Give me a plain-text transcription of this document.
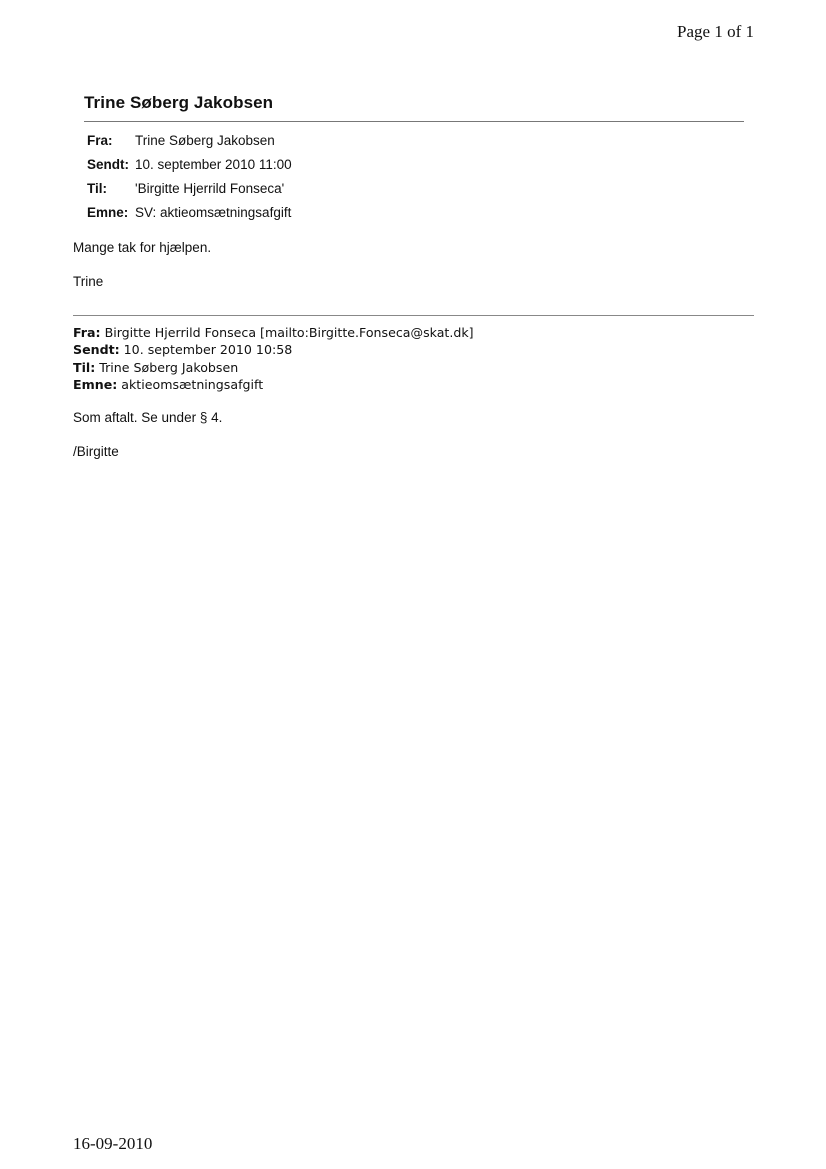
Page 1 of 1
Trine Søberg Jakobsen
Fra:	Trine Søberg Jakobsen
Sendt:	10. september 2010 11:00
Til:	'Birgitte Hjerrild Fonseca'
Emne:	SV: aktieomsætningsafgift
Mange tak for hjælpen.
Trine
Fra: Birgitte Hjerrild Fonseca [mailto:Birgitte.Fonseca@skat.dk]
Sendt: 10. september 2010 10:58
Til: Trine Søberg Jakobsen
Emne: aktieomsætningsafgift
Som aftalt. Se under § 4.
/Birgitte
16-09-2010
